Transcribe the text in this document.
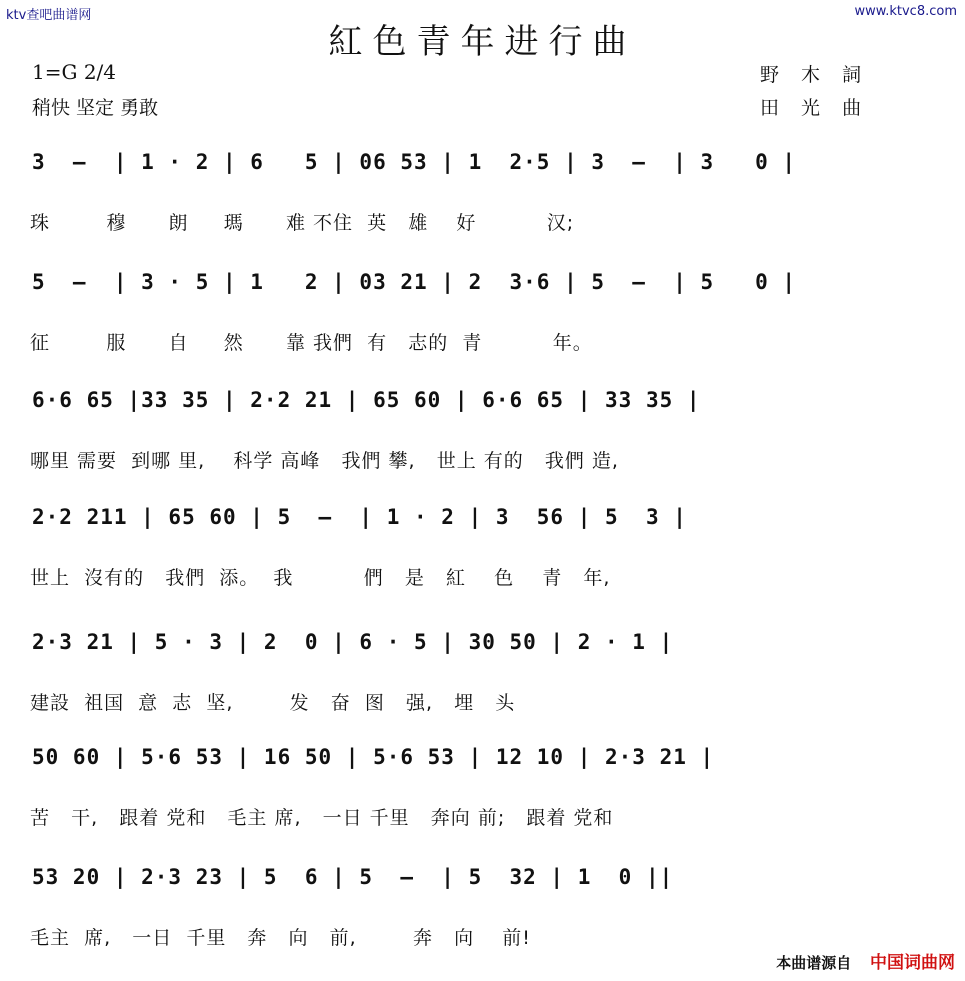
ktv查吧曲谱网	www.ktvc8.com
紅色青年进行曲
1=G 2/4
稍快 坚定 勇敢
野 木 詞
田 光 曲
3  —  | 1 · 2 | 6   5 | 06 53 | 1  2·5 | 3  —  | 3   0 |
珠        穆      朗     瑪      难 不住  英   雄    好          汉;
5  —  | 3 · 5 | 1   2 | 03 21 | 2  3·6 | 5  —  | 5   0 |
征        服      自     然      靠 我們  有   志的  青          年。
6·6 65 |33 35 | 2·2 21 | 65 60 | 6·6 65 | 33 35 |
哪里 需要  到哪 里,    科学 高峰   我們 攀,   世上 有的   我們 造,
2·2 211 | 65 60 | 5  —  | 1 · 2 | 3  56 | 5  3 |
世上  沒有的   我們  添。  我          們   是   紅    色    青   年,
2·3 21 | 5 · 3 | 2  0 | 6 · 5 | 30 50 | 2 · 1 |
建設  祖国  意  志  坚,        发   奋  图   强,   埋   头
50 60 | 5·6 53 | 16 50 | 5·6 53 | 12 10 | 2·3 21 |
苦   干,   跟着 党和   毛主 席,   一日 千里   奔向 前;   跟着 党和
53 20 | 2·3 23 | 5  6 | 5  —  | 5  32 | 1  0 ||
毛主  席,   一日  千里   奔   向   前,        奔   向    前!
本曲谱源自 中国词曲网
